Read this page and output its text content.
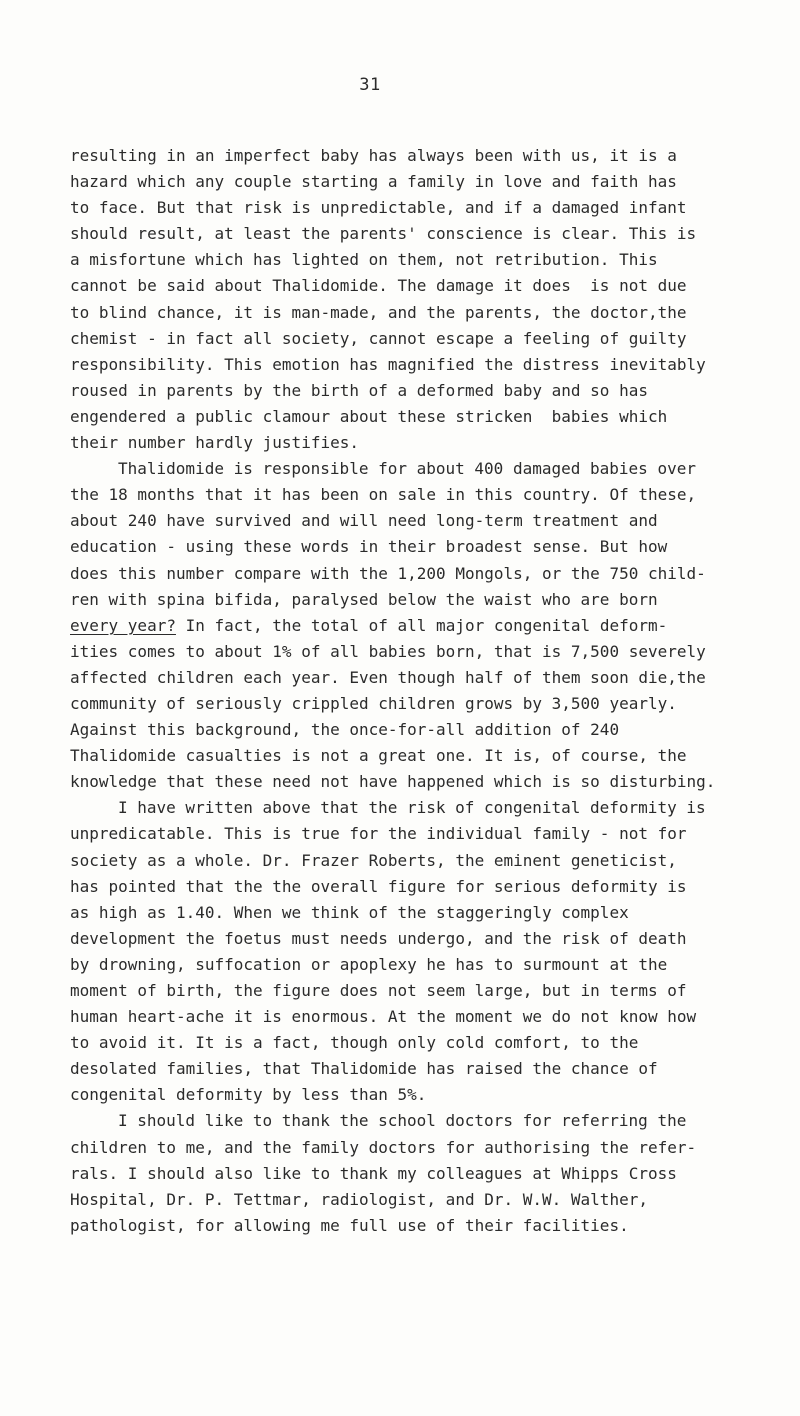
31
resulting in an imperfect baby has always been with us, it is a
hazard which any couple starting a family in love and faith has
to face. But that risk is unpredictable, and if a damaged infant
should result, at least the parents' conscience is clear. This is
a misfortune which has lighted on them, not retribution. This
cannot be said about Thalidomide. The damage it does  is not due
to blind chance, it is man-made, and the parents, the doctor,the
chemist - in fact all society, cannot escape a feeling of guilty
responsibility. This emotion has magnified the distress inevitably
roused in parents by the birth of a deformed baby and so has
engendered a public clamour about these stricken  babies which
their number hardly justifies.
Thalidomide is responsible for about 400 damaged babies over
the 18 months that it has been on sale in this country. Of these,
about 240 have survived and will need long-term treatment and
education - using these words in their broadest sense. But how
does this number compare with the 1,200 Mongols, or the 750 child-
ren with spina bifida, paralysed below the waist who are born
every year? In fact, the total of all major congenital deform-
ities comes to about 1% of all babies born, that is 7,500 severely
affected children each year. Even though half of them soon die,the
community of seriously crippled children grows by 3,500 yearly.
Against this background, the once-for-all addition of 240
Thalidomide casualties is not a great one. It is, of course, the
knowledge that these need not have happened which is so disturbing.
I have written above that the risk of congenital deformity is
unpredicatable. This is true for the individual family - not for
society as a whole. Dr. Frazer Roberts, the eminent geneticist,
has pointed that the the overall figure for serious deformity is
as high as 1.40. When we think of the staggeringly complex
development the foetus must needs undergo, and the risk of death
by drowning, suffocation or apoplexy he has to surmount at the
moment of birth, the figure does not seem large, but in terms of
human heart-ache it is enormous. At the moment we do not know how
to avoid it. It is a fact, though only cold comfort, to the
desolated families, that Thalidomide has raised the chance of
congenital deformity by less than 5%.
I should like to thank the school doctors for referring the
children to me, and the family doctors for authorising the refer-
rals. I should also like to thank my colleagues at Whipps Cross
Hospital, Dr. P. Tettmar, radiologist, and Dr. W.W. Walther,
pathologist, for allowing me full use of their facilities.
